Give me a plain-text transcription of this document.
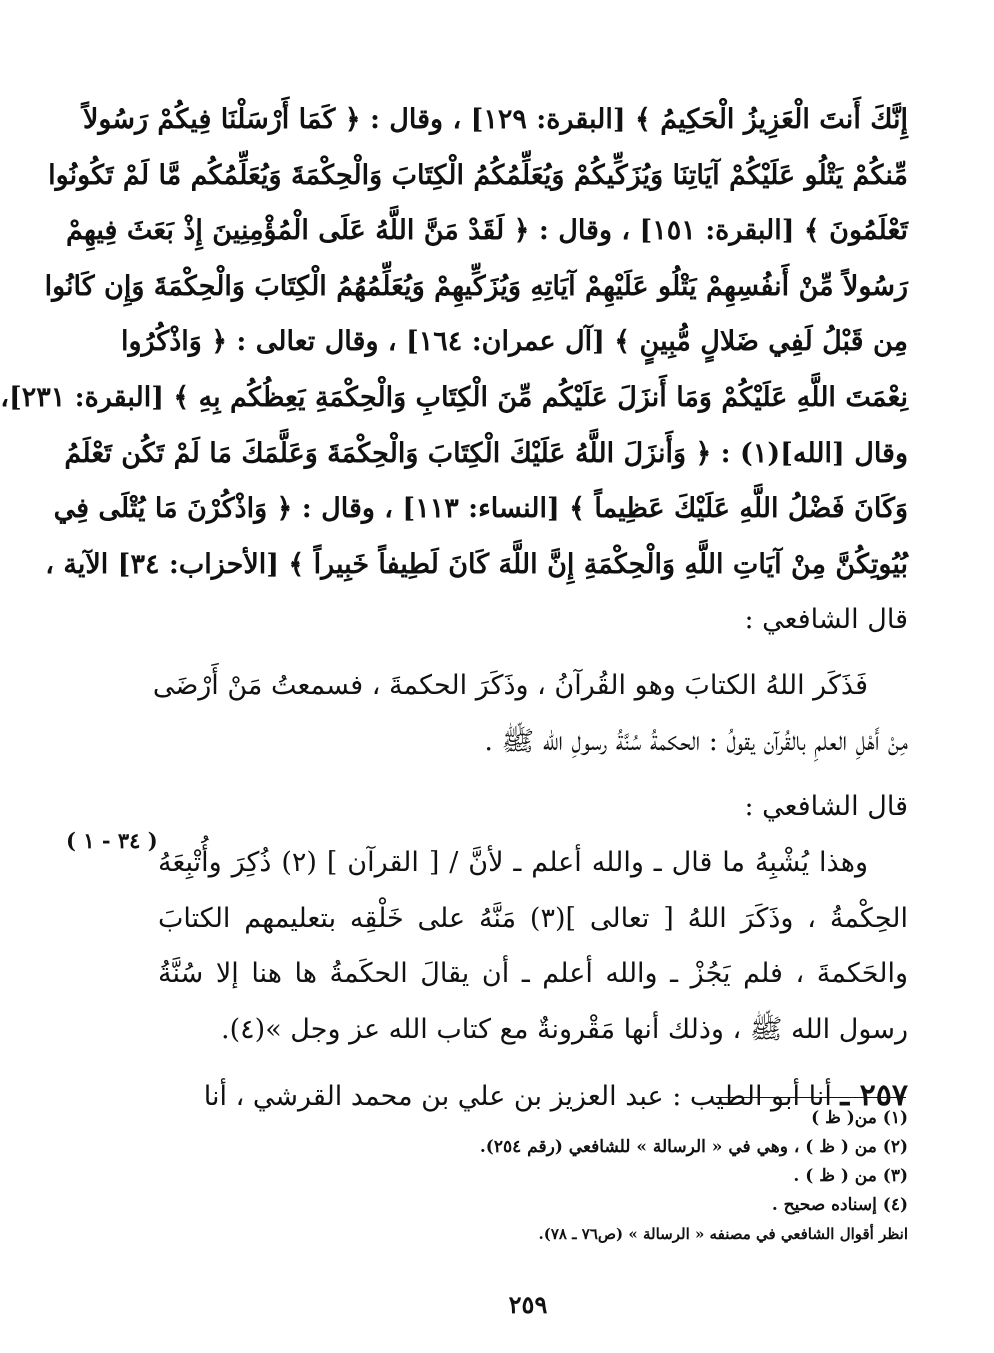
إِنَّكَ أَنتَ الْعَزِيزُ الْحَكِيمُ ﴾ [البقرة: ١٢٩] ، وقال : ﴿ كَمَا أَرْسَلْنَا فِيكُمْ رَسُولاً
مِّنكُمْ يَتْلُو عَلَيْكُمْ آيَاتِنَا وَيُزَكِّيكُمْ وَيُعَلِّمُكُمُ الْكِتَابَ وَالْحِكْمَةَ وَيُعَلِّمُكُم مَّا لَمْ تَكُونُوا
تَعْلَمُونَ ﴾ [البقرة: ١٥١] ، وقال : ﴿ لَقَدْ مَنَّ اللَّهُ عَلَى الْمُؤْمِنِينَ إِذْ بَعَثَ فِيهِمْ
رَسُولاً مِّنْ أَنفُسِهِمْ يَتْلُو عَلَيْهِمْ آيَاتِهِ وَيُزَكِّيهِمْ وَيُعَلِّمُهُمُ الْكِتَابَ وَالْحِكْمَةَ وَإِن كَانُوا
مِن قَبْلُ لَفِي ضَلالٍ مُّبِينٍ ﴾ [آل عمران: ١٦٤] ، وقال تعالى : ﴿ وَاذْكُرُوا
نِعْمَتَ اللَّهِ عَلَيْكُمْ وَمَا أَنزَلَ عَلَيْكُم مِّنَ الْكِتَابِ وَالْحِكْمَةِ يَعِظُكُم بِهِ ﴾ [البقرة: ٢٣١]،
وقال [الله](١) : ﴿ وَأَنزَلَ اللَّهُ عَلَيْكَ الْكِتَابَ وَالْحِكْمَةَ وَعَلَّمَكَ مَا لَمْ تَكُن تَعْلَمُ
وَكَانَ فَضْلُ اللَّهِ عَلَيْكَ عَظِيماً ﴾ [النساء: ١١٣] ، وقال : ﴿ وَاذْكُرْنَ مَا يُتْلَى فِي
بُيُوتِكُنَّ مِنْ آيَاتِ اللَّهِ وَالْحِكْمَةِ إِنَّ اللَّهَ كَانَ لَطِيفاً خَبِيراً ﴾ [الأحزاب: ٣٤] الآية ،
قال الشافعي :
فَذَكَر اللهُ الكتابَ وهو القُرآنُ ، وذَكَرَ الحكمةَ ، فسمعتُ مَنْ أَرْضَى
مِنْ أَهْلِ العلمِ بالقُرآن يقولُ : الحكمةُ سُنَّةُ رسولِ الله ﷺ .
قال الشافعي :
وهذا يُشْبِهُ ما قال ـ والله أعلم ـ لأنَّ / [ القرآن ] (٢) ذُكِرَ وأُتْبِعَهُ
الحِكْمةُ ، وذَكَرَ اللهُ [ تعالى ](٣) مَنَّهُ على خَلْقِه بتعليمهم الكتابَ
والحَكمةَ ، فلم يَجُزْ ـ والله أعلم ـ أن يقالَ الحكَمةُ ها هنا إلا سُنَّةُ
رسول الله ﷺ ، وذلك أنها مَقْرونةٌ مع كتاب الله عز وجل »(٤).
٢٥٧ ـ أنا أبو الطيب : عبد العزيز بن علي بن محمد القرشي ، أنا
( ٣٤ - ١ )
(١) من( ظ )
(٢) من ( ظ ) ، وهي في « الرسالة » للشافعي (رقم ٢٥٤).
(٣) من ( ظ ) .
(٤) إسناده صحيح .
انظر أقوال الشافعي في مصنفه « الرسالة » (ص٧٦ ـ ٧٨).
٢٥٩
